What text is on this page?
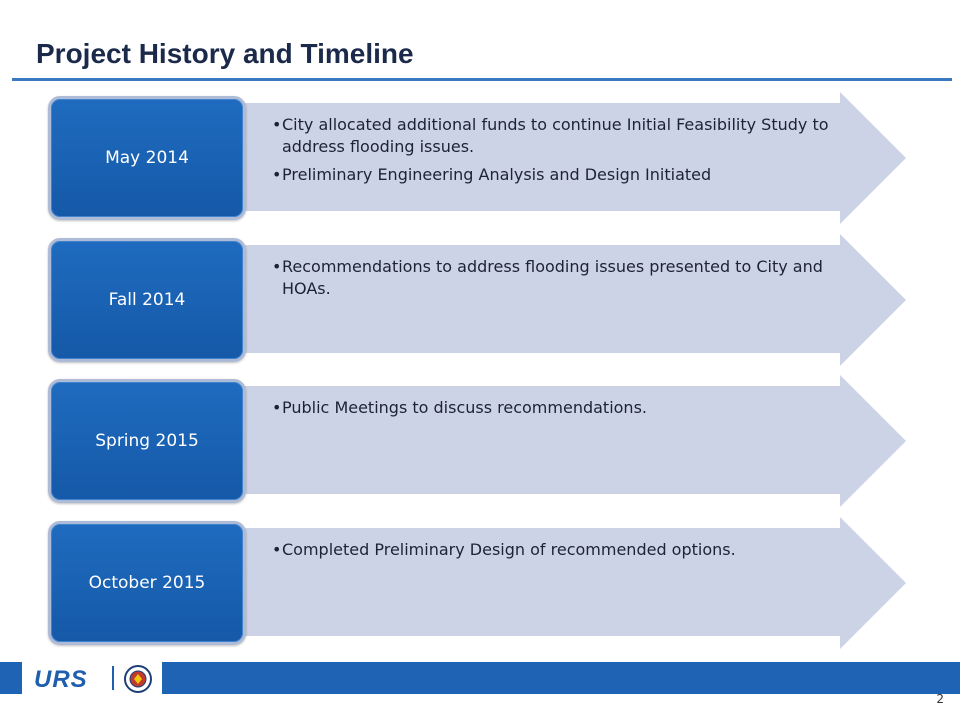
Project History and Timeline
• City allocated additional funds to continue Initial Feasibility Study to address flooding issues.
• Preliminary Engineering Analysis and Design Initiated
May 2014
• Recommendations to address flooding issues presented to City and HOAs.
Fall 2014
• Public Meetings to discuss recommendations.
Spring 2015
• Completed Preliminary Design of recommended options.
October 2015
URS
2
